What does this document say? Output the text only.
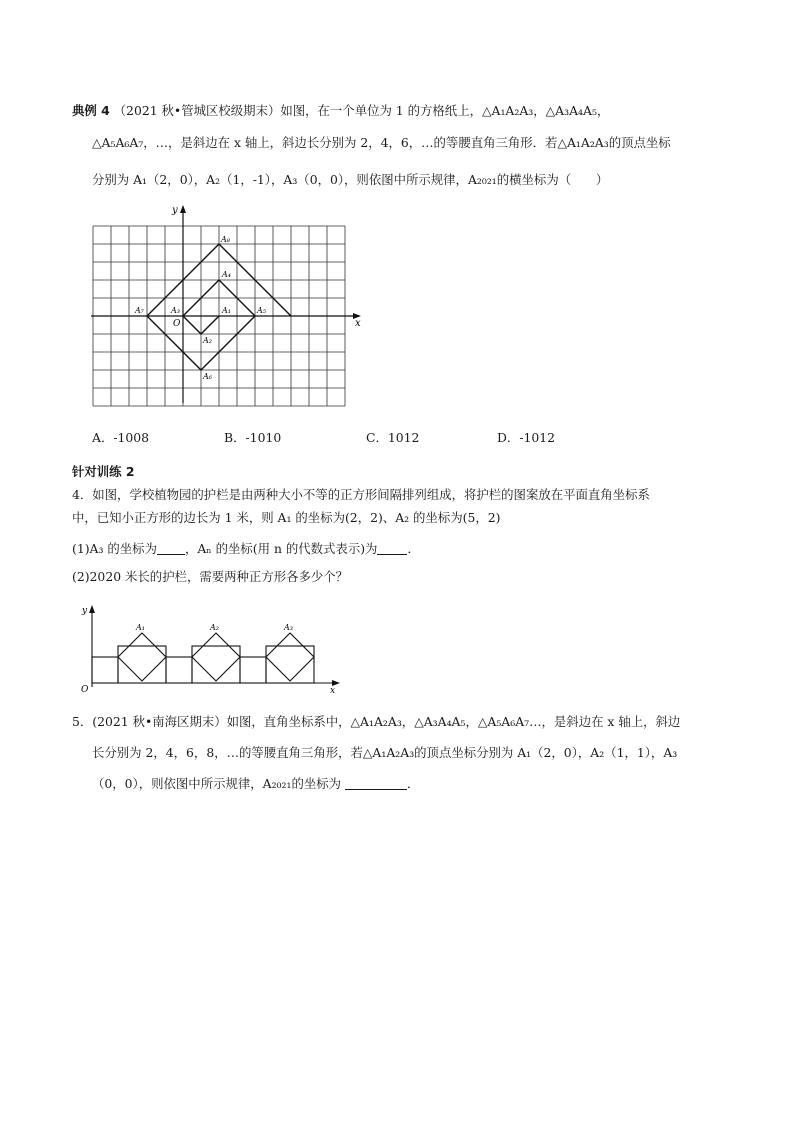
典例 4 （2021 秋•管城区校级期末）如图，在一个单位为 1 的方格纸上，△A₁A₂A₃，△A₃A₄A₅，
△A₅A₆A₇，…，是斜边在 x 轴上，斜边长分别为 2，4，6，…的等腰直角三角形．若△A₁A₂A₃的顶点坐标
分别为 A₁（2，0），A₂（1，-1），A₃（0，0），则依图中所示规律，A₂₀₂₁的横坐标为（　　）
x
y
O
A₁
A₂
A₃
A₄
A₅
A₆
A₇
A₈
A．-1008	B．-1010	C．1012	D．-1012
针对训练 2
4．如图，学校植物园的护栏是由两种大小不等的正方形间隔排列组成，将护栏的图案放在平面直角坐标系
中，已知小正方形的边长为 1 米，则 A₁ 的坐标为(2，2)、A₂ 的坐标为(5，2)
(1)A₃ 的坐标为 ，Aₙ 的坐标(用 n 的代数式表示)为 ．
(2)2020 米长的护栏，需要两种正方形各多少个？
x
y
O
A₁	A₂	A₃
5．(2021 秋•南海区期末）如图，直角坐标系中，△A₁A₂A₃，△A₃A₄A₅，△A₅A₆A₇…，是斜边在 x 轴上，斜边
长分别为 2，4，6，8，…的等腰直角三角形，若△A₁A₂A₃的顶点坐标分别为 A₁（2，0），A₂（1，1），A₃
（0，0），则依图中所示规律，A₂₀₂₁的坐标为	．
